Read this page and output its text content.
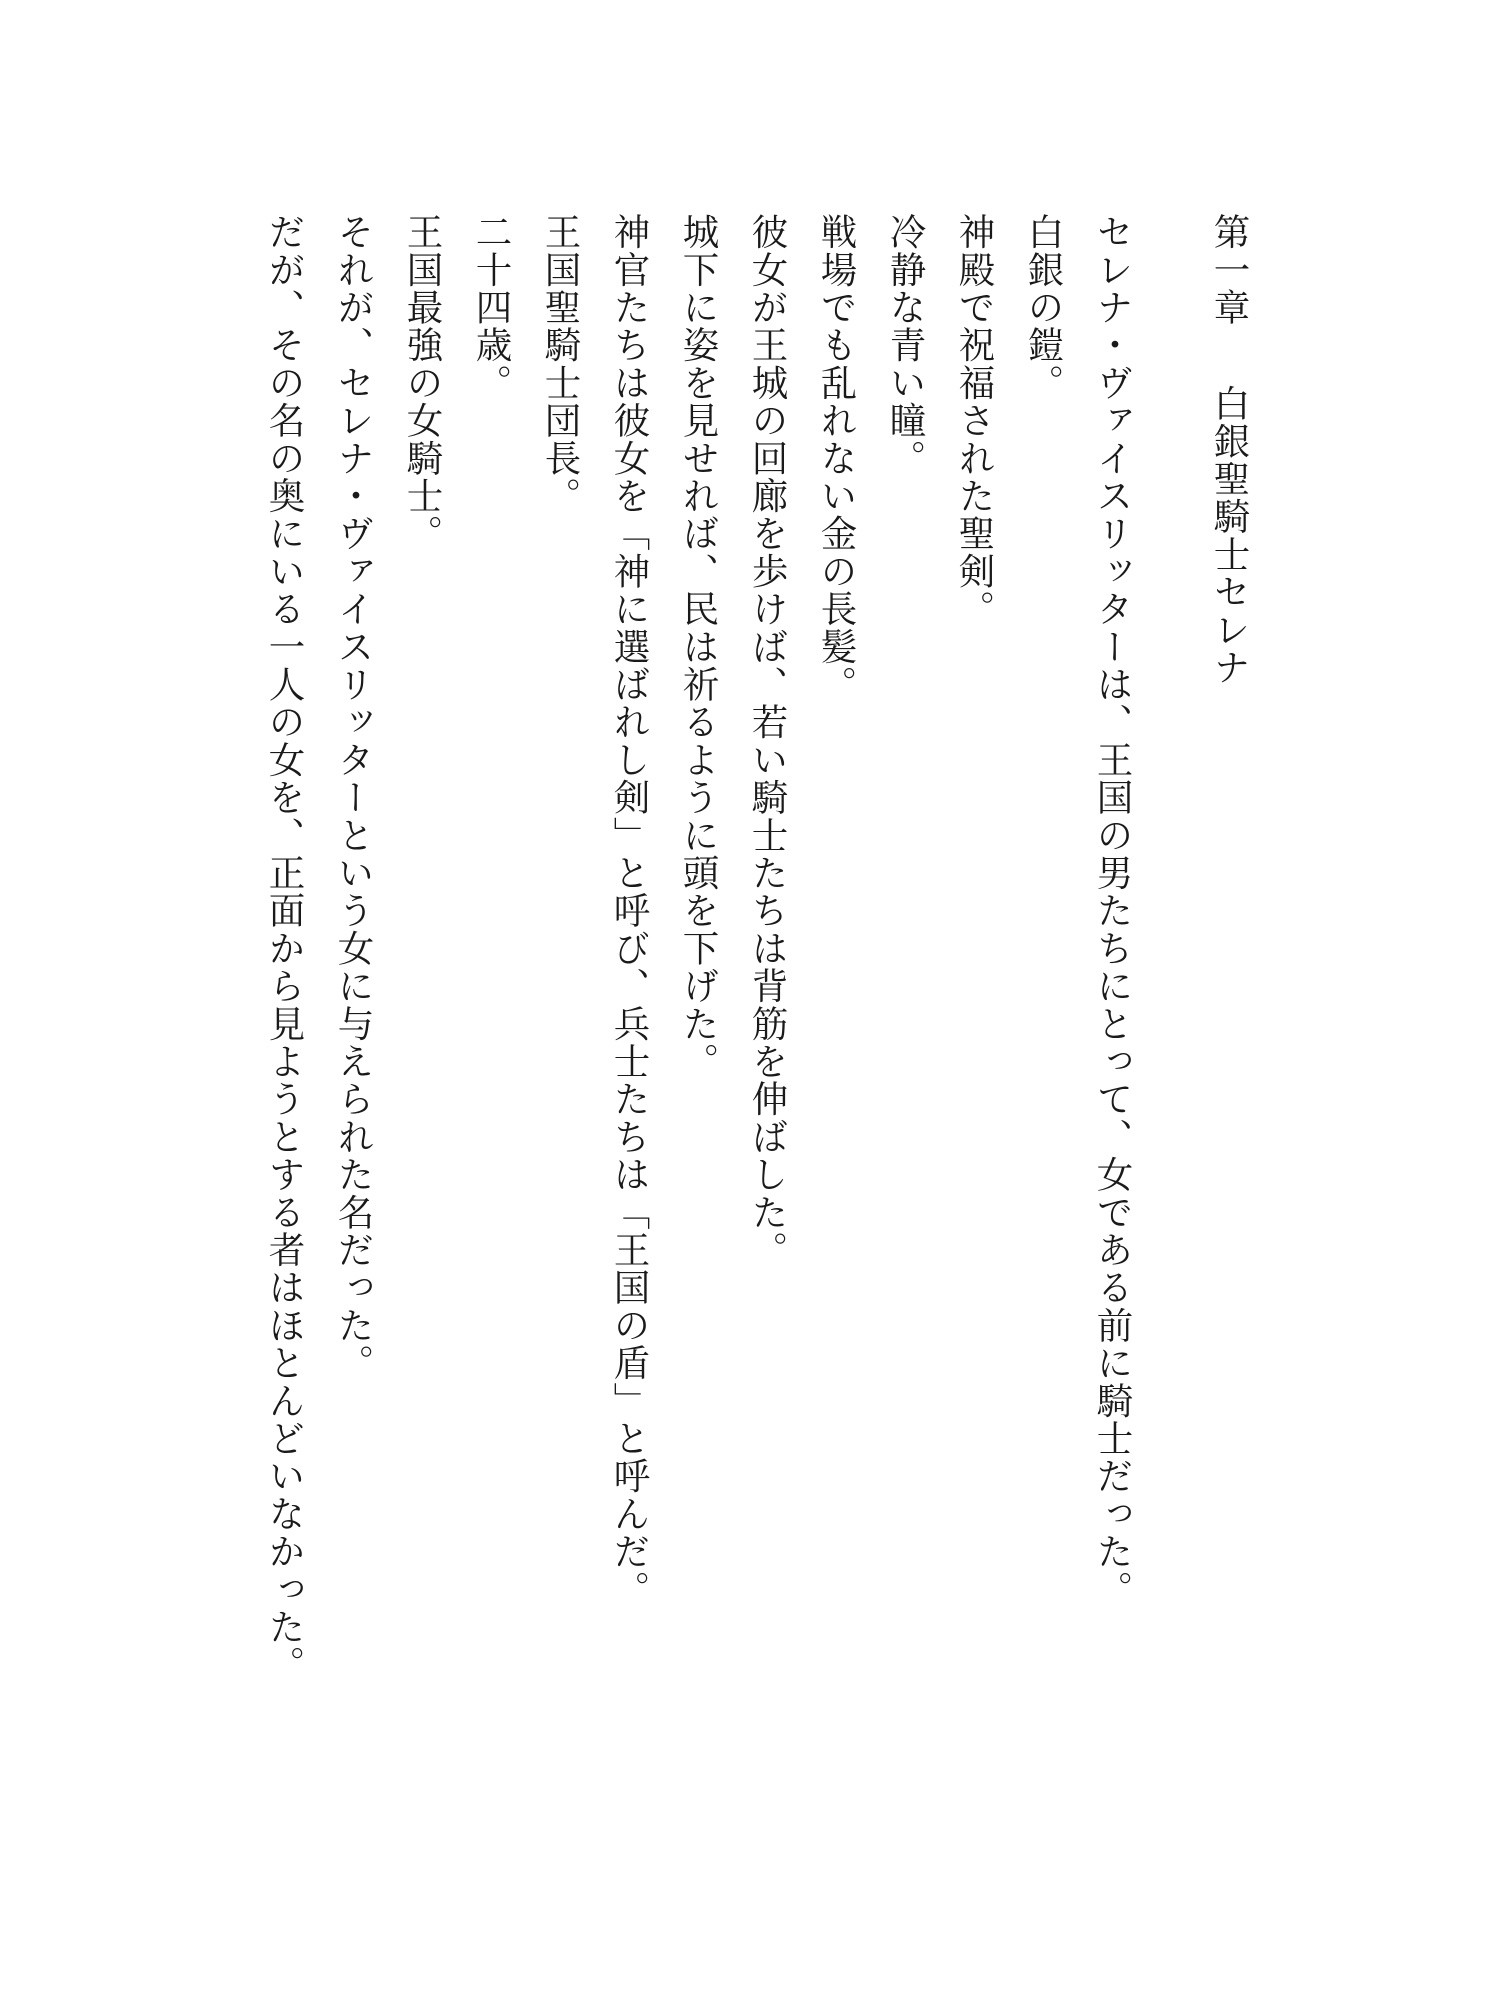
第一章白銀聖騎士セレナ

セレナ・ヴァイスリッターは、王国の男たちにとって、女である前に騎士だった。

白銀の鎧。

神殿で祝福された聖剣。

冷静な青い瞳。

戦場でも乱れない金の長髪。

彼女が王城の回廊を歩けば、若い騎士たちは背筋を伸ばした。

城下に姿を見せれば、民は祈るように頭を下げた。

神官たちは彼女を「神に選ばれし剣」と呼び、兵士たちは「王国の盾」と呼んだ。

王国聖騎士団長。

二十四歳。

王国最強の女騎士。

それが、セレナ・ヴァイスリッターという女に与えられた名だった。

だが、その名の奥にいる一人の女を、正面から見ようとする者はほとんどいなかった。
